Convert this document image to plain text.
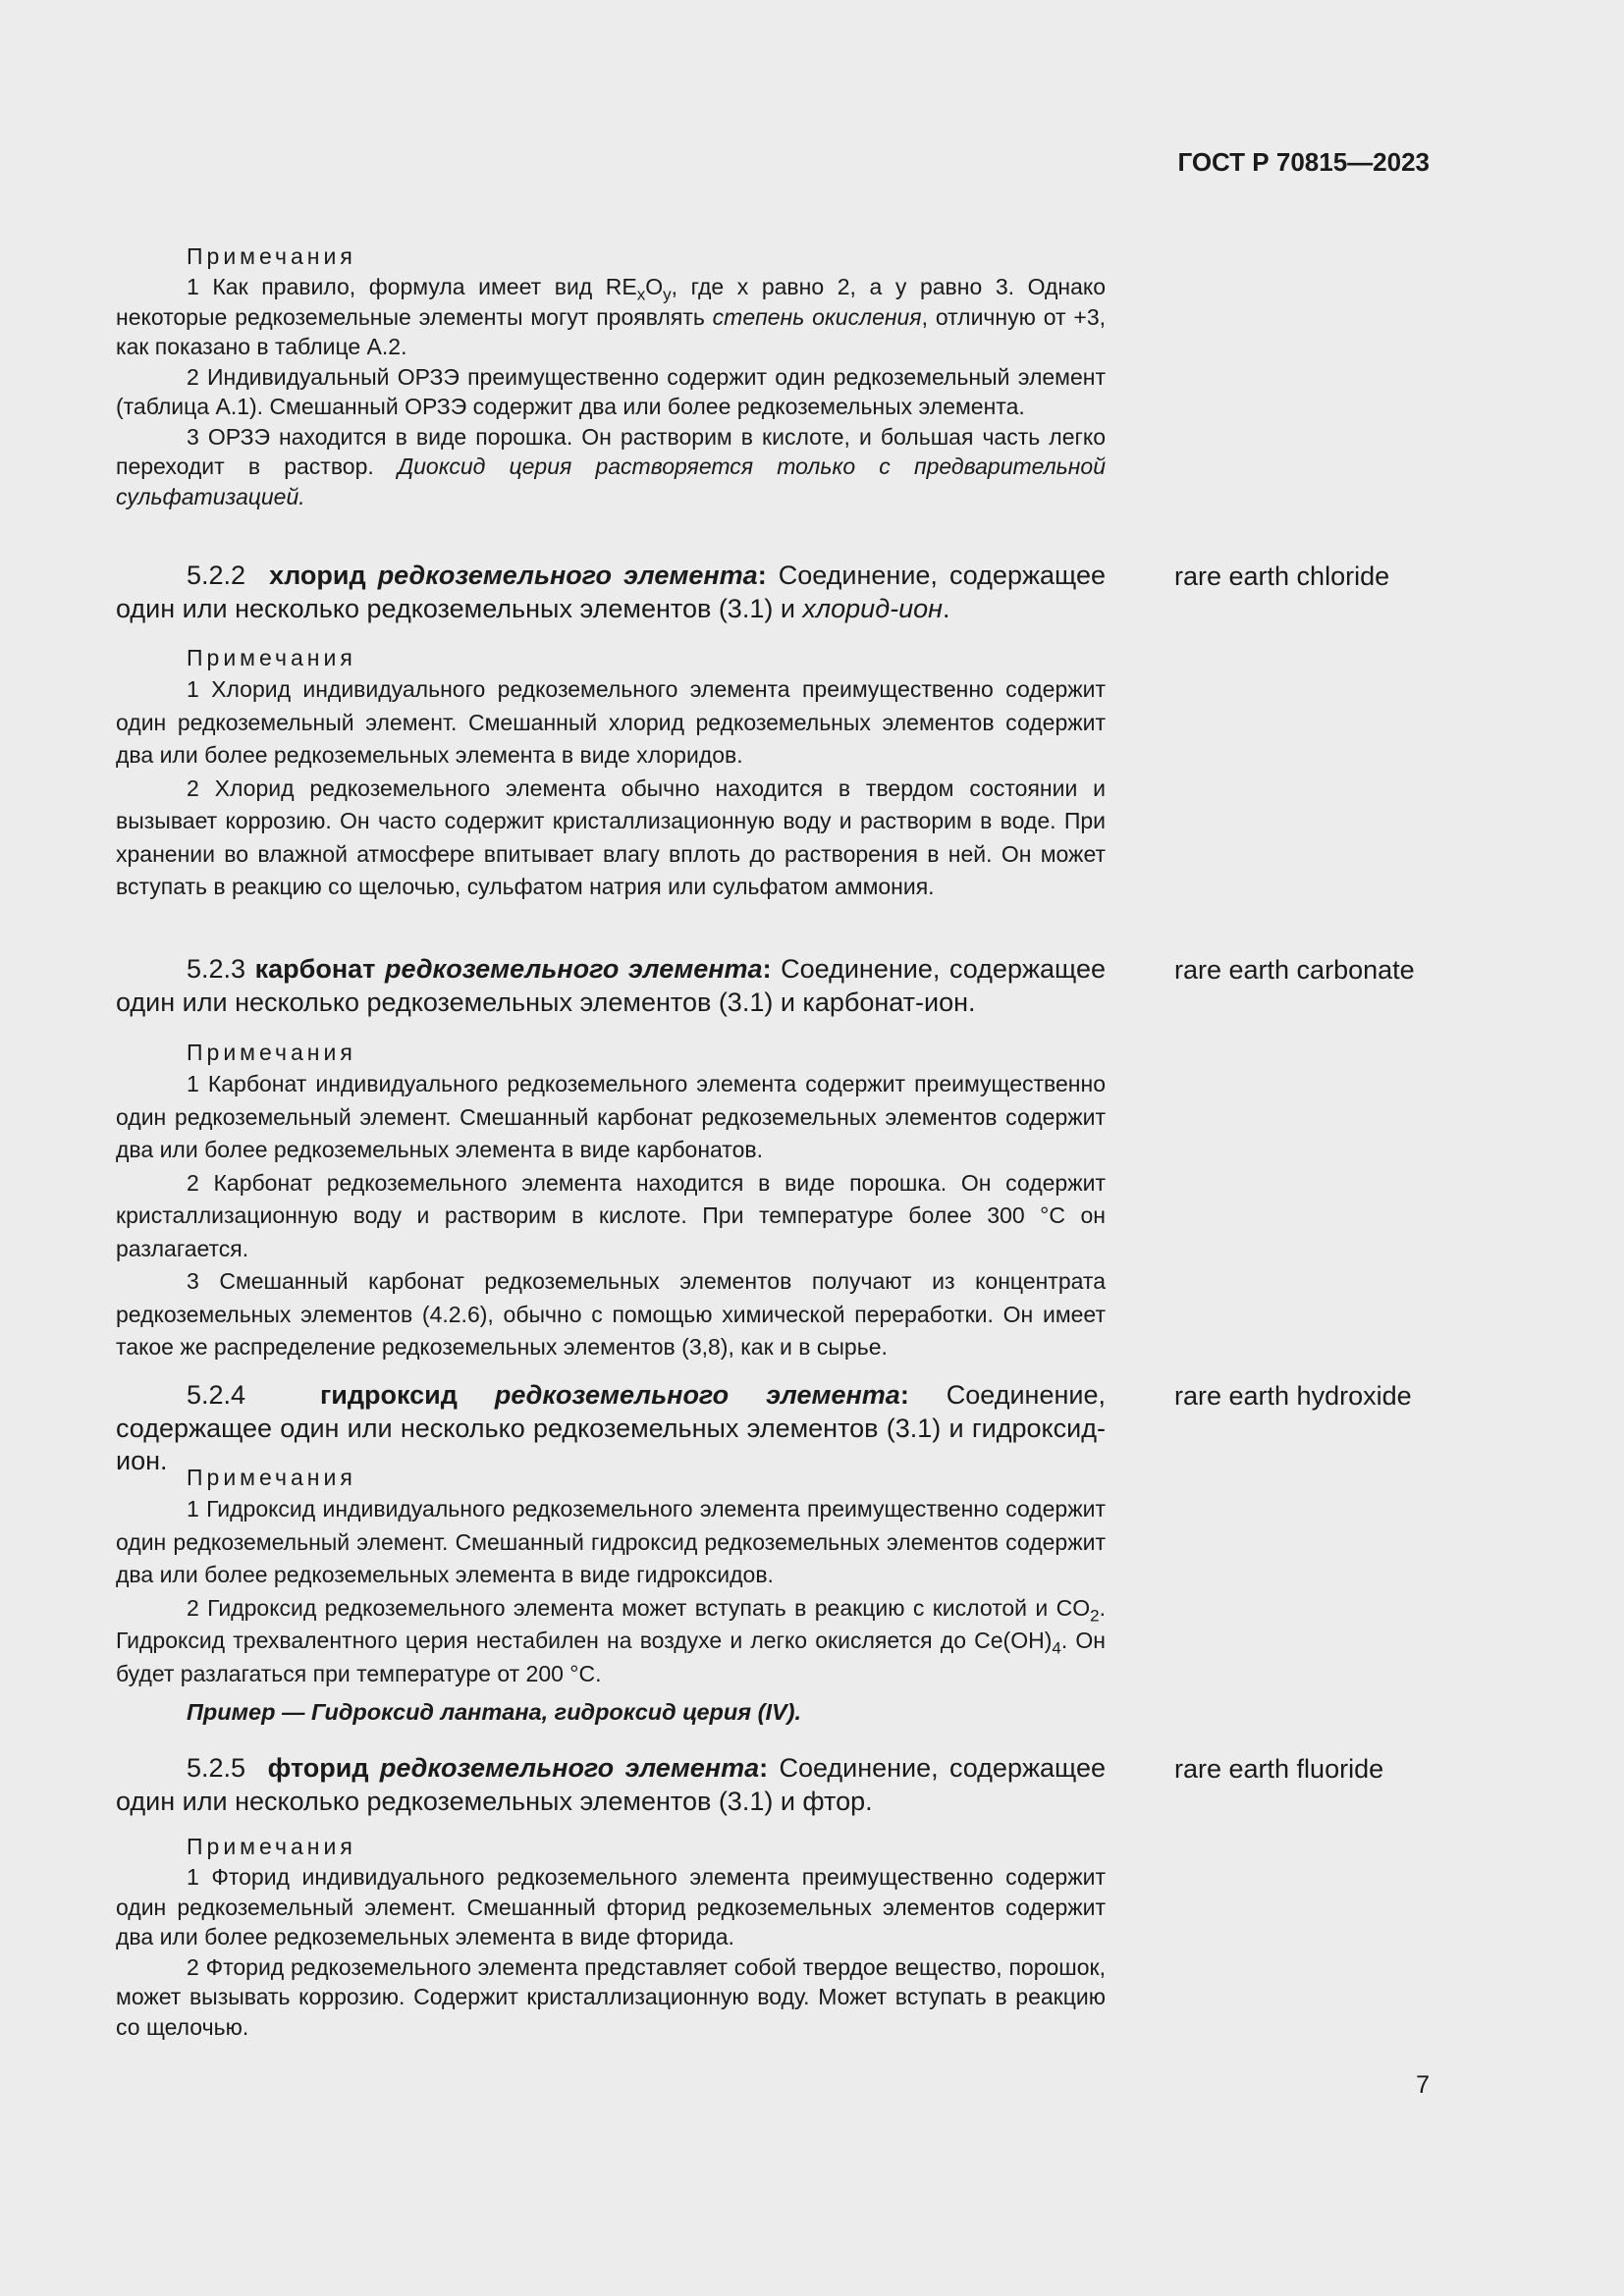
ГОСТ Р 70815—2023

Примечания

1 Как правило, формула имеет вид $RE_xO_y$, где x равно 2, а y равно 3. Однако некоторые редкоземельные элементы могут проявлять степень окисления, отличную от +3, как показано в таблице А.2.

2 Индивидуальный ОРЗЭ преимущественно содержит один редкоземельный элемент (таблица А.1). Смешанный ОРЗЭ содержит два или более редкоземельных элемента.

3 ОРЗЭ находится в виде порошка. Он растворим в кислоте, и большая часть легко переходит в раствор. Диоксид церия растворяется только с предварительной сульфатизацией.

5.2.2 хлорид редкоземельного элемента: Соединение, содержащее один или несколько редкоземельных элементов (3.1) и хлорид-ион.

rare earth chloride

Примечания

1 Хлорид индивидуального редкоземельного элемента преимущественно содержит один редкоземельный элемент. Смешанный хлорид редкоземельных элементов содержит два или более редкоземельных элемента в виде хлоридов.

2 Хлорид редкоземельного элемента обычно находится в твердом состоянии и вызывает коррозию. Он часто содержит кристаллизационную воду и растворим в воде. При хранении во влажной атмосфере впитывает влагу вплоть до растворения в ней. Он может вступать в реакцию со щелочью, сульфатом натрия или сульфатом аммония.

5.2.3 карбонат редкоземельного элемента: Соединение, содержащее один или несколько редкоземельных элементов (3.1) и карбонат-ион.

rare earth carbonate

Примечания

1 Карбонат индивидуального редкоземельного элемента содержит преимущественно один редкоземельный элемент. Смешанный карбонат редкоземельных элементов содержит два или более редкоземельных элемента в виде карбонатов.

2 Карбонат редкоземельного элемента находится в виде порошка. Он содержит кристаллизационную воду и растворим в кислоте. При температуре более 300 °С он разлагается.

3 Смешанный карбонат редкоземельных элементов получают из концентрата редкоземельных элементов (4.2.6), обычно с помощью химической переработки. Он имеет такое же распределение редкоземельных элементов (3,8), как и в сырье.

5.2.4	гидроксид редкоземельного элемента: Соединение, содержащее один или несколько редкоземельных элементов (3.1) и гидроксид-ион.

rare earth hydroxide

Примечания

1 Гидроксид индивидуального редкоземельного элемента преимущественно содержит один редкоземельный элемент. Смешанный гидроксид редкоземельных элементов содержит два или более редкоземельных элемента в виде гидроксидов.

2 Гидроксид редкоземельного элемента может вступать в реакцию с кислотой и $CO_2$. Гидроксид трехвалентного церия нестабилен на воздухе и легко окисляется до $Ce(OH)_4$. Он будет разлагаться при температуре от 200 °С.

Пример — Гидроксид лантана, гидроксид церия (IV).

5.2.5 фторид редкоземельного элемента: Соединение, содержащее один или несколько редкоземельных элементов (3.1) и фтор.

rare earth fluoride

Примечания

1 Фторид индивидуального редкоземельного элемента преимущественно содержит один редкоземельный элемент. Смешанный фторид редкоземельных элементов содержит два или более редкоземельных элемента в виде фторида.

2 Фторид редкоземельного элемента представляет собой твердое вещество, порошок, может вызывать коррозию. Содержит кристаллизационную воду. Может вступать в реакцию со щелочью.

7
